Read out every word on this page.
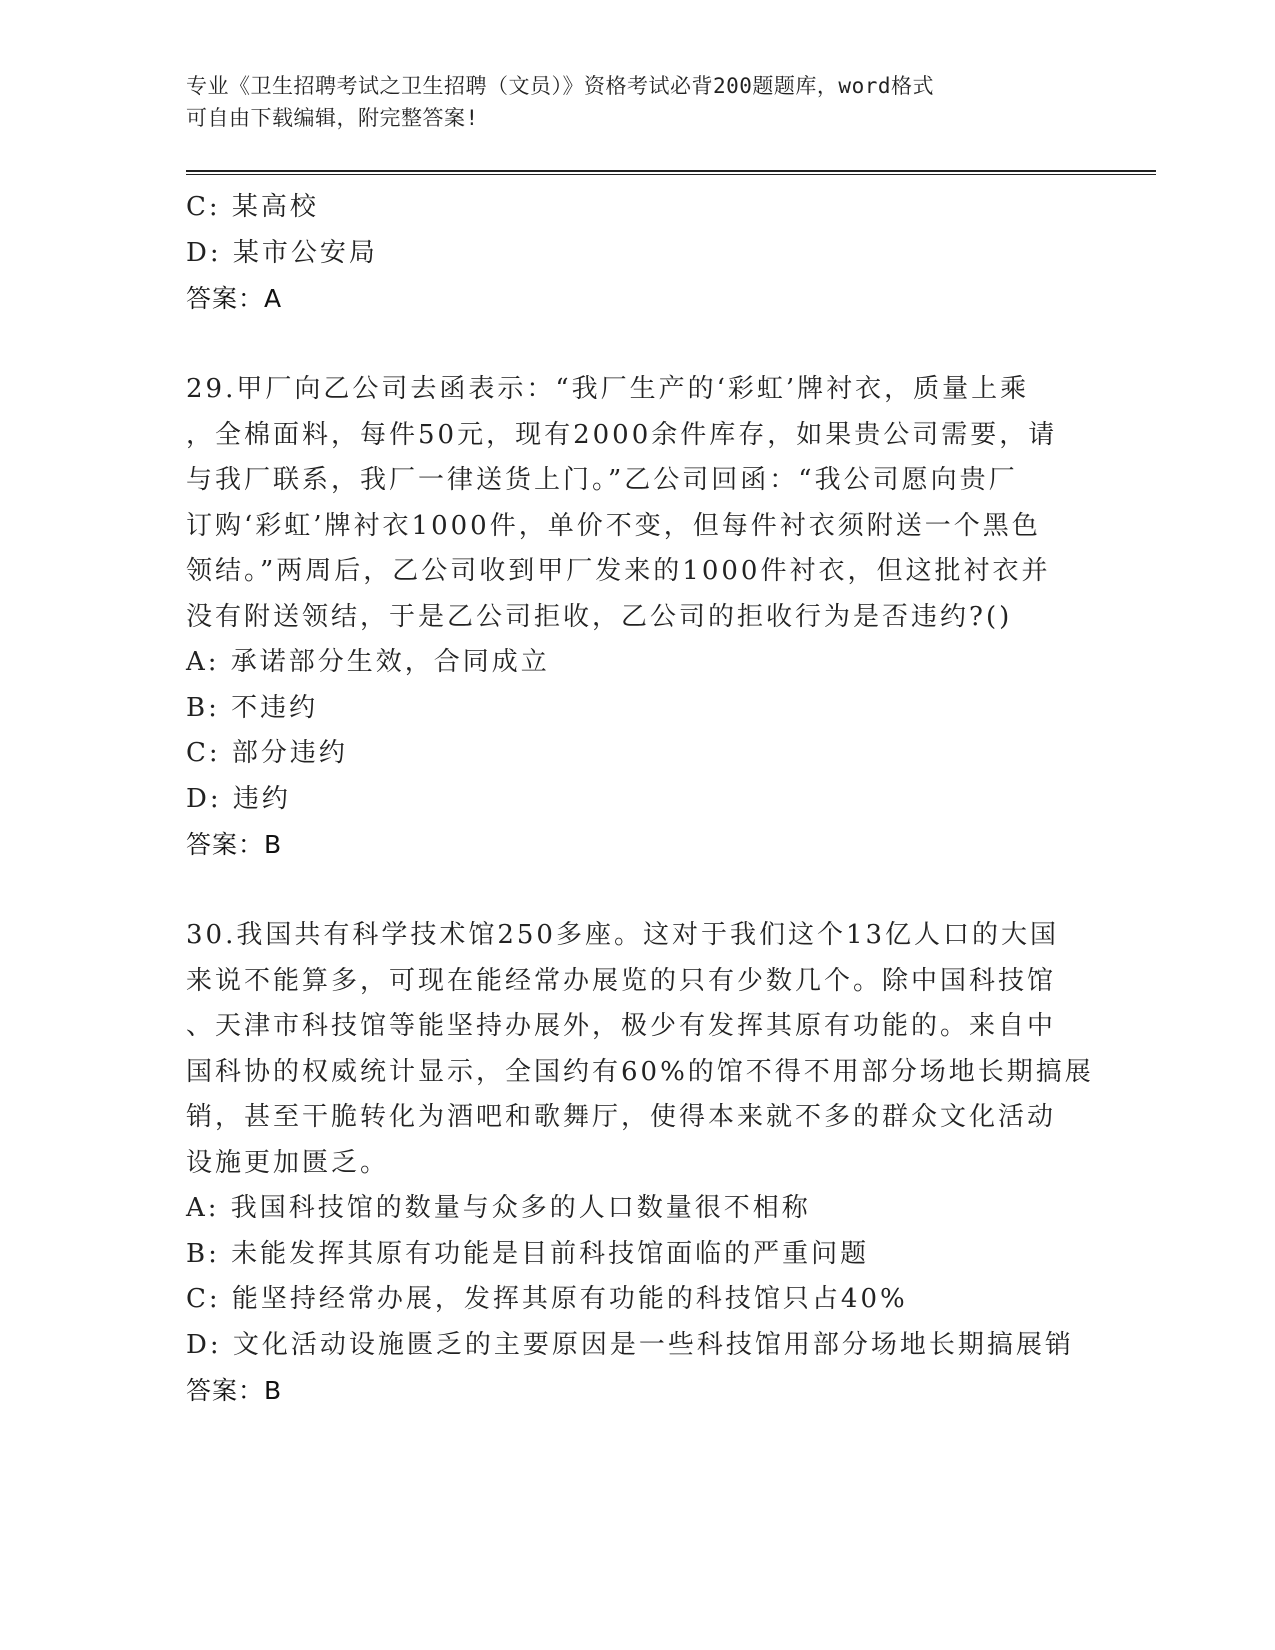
专业《卫生招聘考试之卫生招聘（文员）》资格考试必背200题题库，word格式
可自由下载编辑，附完整答案!
C: 某高校
D: 某市公安局
答案：A
29.甲厂向乙公司去函表示：“我厂生产的‘彩虹’牌衬衣，质量上乘
，全棉面料，每件50元，现有2000余件库存，如果贵公司需要，请
与我厂联系，我厂一律送货上门。”乙公司回函：“我公司愿向贵厂
订购‘彩虹’牌衬衣1000件，单价不变，但每件衬衣须附送一个黑色
领结。”两周后，乙公司收到甲厂发来的1000件衬衣，但这批衬衣并
没有附送领结，于是乙公司拒收，乙公司的拒收行为是否违约?()
A: 承诺部分生效，合同成立
B: 不违约
C: 部分违约
D: 违约
答案：B
30.我国共有科学技术馆250多座。这对于我们这个13亿人口的大国
来说不能算多，可现在能经常办展览的只有少数几个。除中国科技馆
、天津市科技馆等能坚持办展外，极少有发挥其原有功能的。来自中
国科协的权威统计显示，全国约有60%的馆不得不用部分场地长期搞展
销，甚至干脆转化为酒吧和歌舞厅，使得本来就不多的群众文化活动
设施更加匮乏。
A: 我国科技馆的数量与众多的人口数量很不相称
B: 未能发挥其原有功能是目前科技馆面临的严重问题
C: 能坚持经常办展，发挥其原有功能的科技馆只占40%
D: 文化活动设施匮乏的主要原因是一些科技馆用部分场地长期搞展销
答案：B
